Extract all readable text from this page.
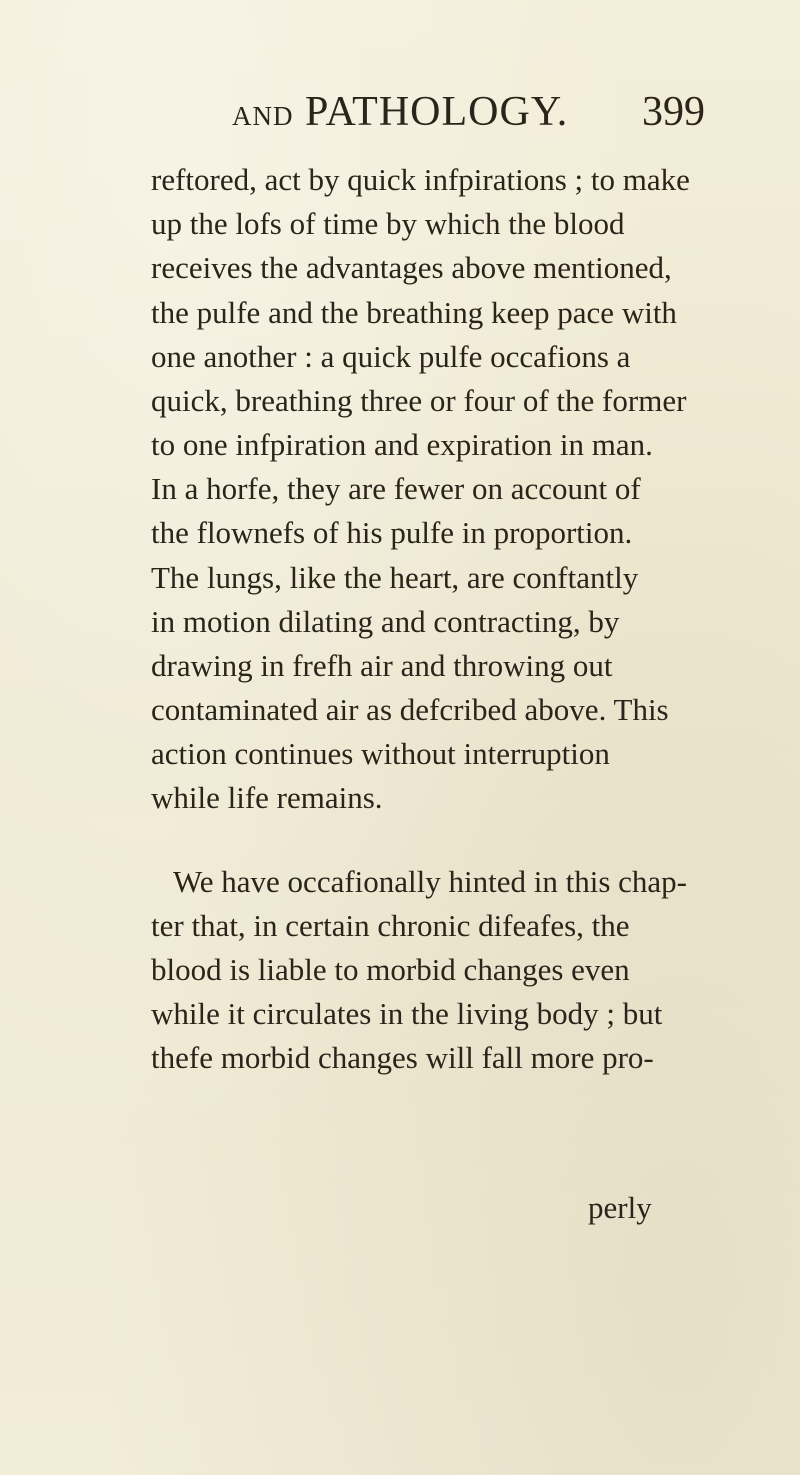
AND PATHOLOGY. 399
reftored, act by quick infpirations ; to make
up the lofs of time by which the blood
receives the advantages above mentioned,
the pulfe and the breathing keep pace with
one another : a quick pulfe occafions a
quick, breathing three or four of the former
to one infpiration and expiration in man.
In a horfe, they are fewer on account of
the flownefs of his pulfe in proportion.
The lungs, like the heart, are conftantly
in motion dilating and contracting, by
drawing in frefh air and throwing out
contaminated air as defcribed above. This
action continues without interruption
while life remains.
We have occafionally hinted in this chap-
ter that, in certain chronic difeafes, the
blood is liable to morbid changes even
while it circulates in the living body ; but
thefe morbid changes will fall more pro-
perly
